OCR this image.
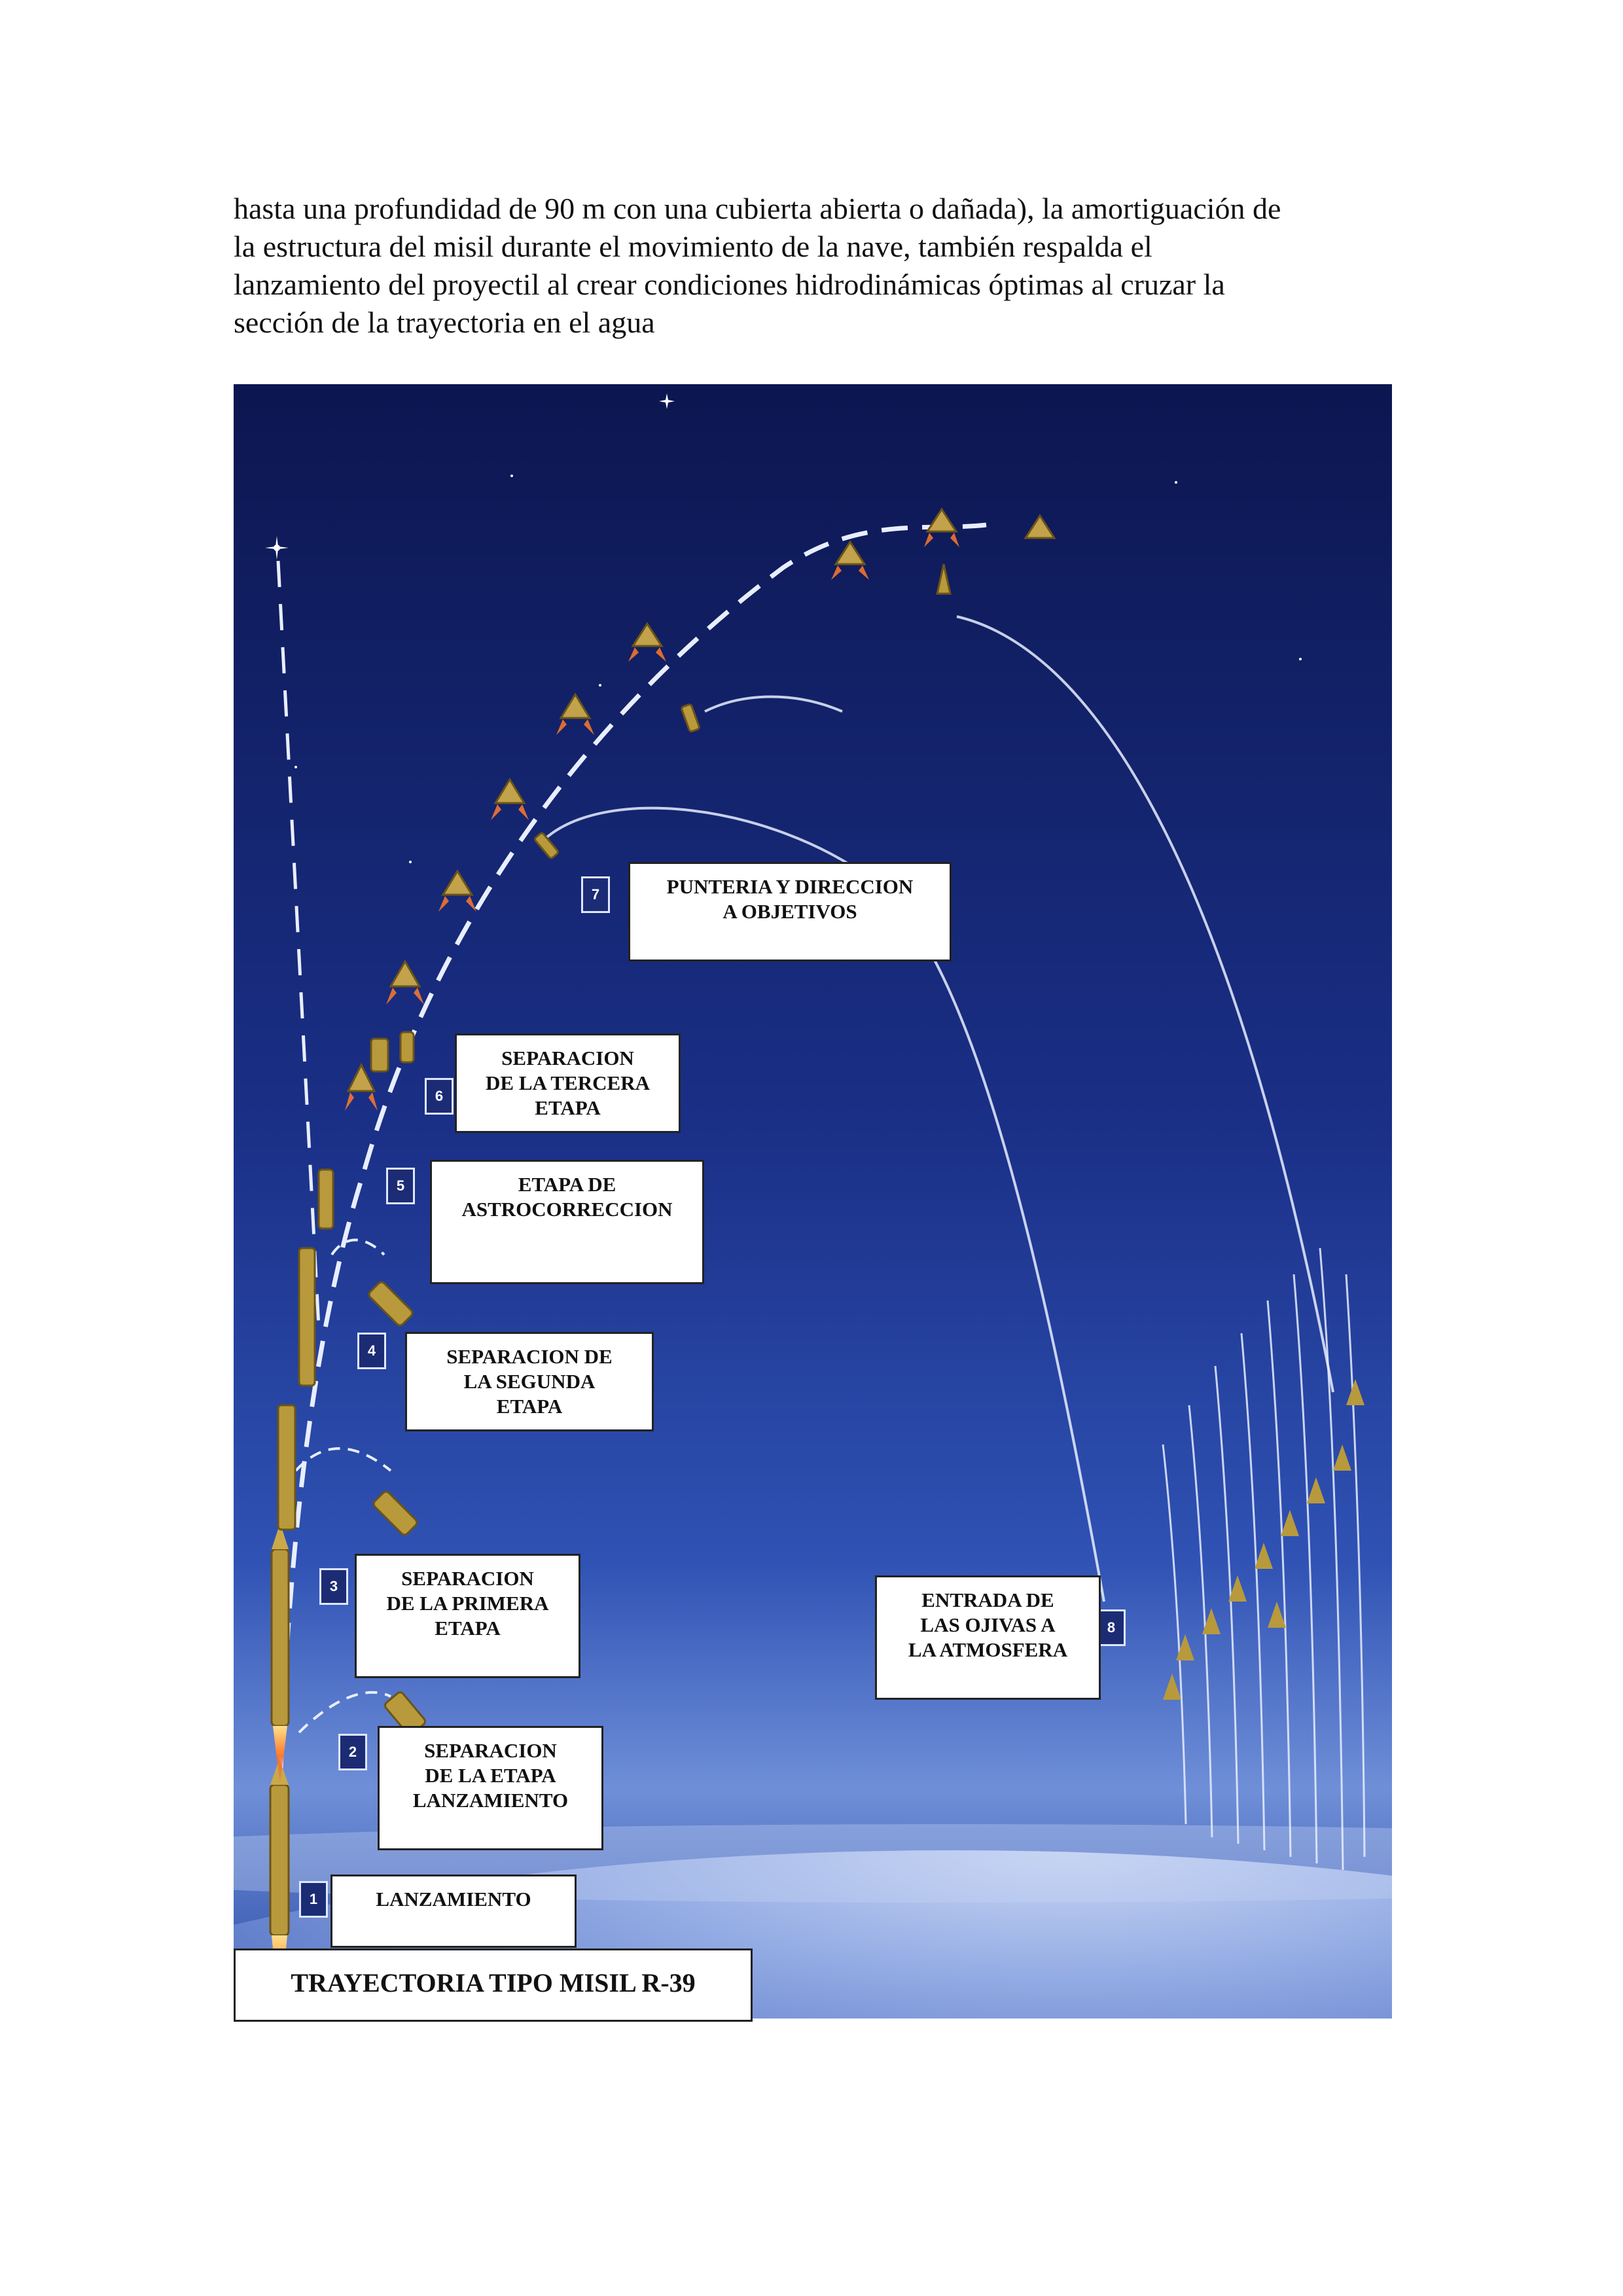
hasta una profundidad de 90 m con una cubierta abierta o dañada), la amortiguación de
la estructura del misil durante el movimiento de la nave, también respalda el
lanzamiento del proyectil al crear condiciones hidrodinámicas óptimas al cruzar la
sección de la trayectoria en el agua
1
2
3
4
5
6
7
8
LANZAMIENTO
SEPARACION
DE LA ETAPA
LANZAMIENTO
SEPARACION
DE LA PRIMERA
ETAPA
SEPARACION DE
LA SEGUNDA
ETAPA
ETAPA DE
ASTROCORRECCION
SEPARACION
DE LA TERCERA
ETAPA
PUNTERIA Y DIRECCION
A OBJETIVOS
ENTRADA DE
LAS OJIVAS A
LA ATMOSFERA
TRAYECTORIA TIPO MISIL R-39
